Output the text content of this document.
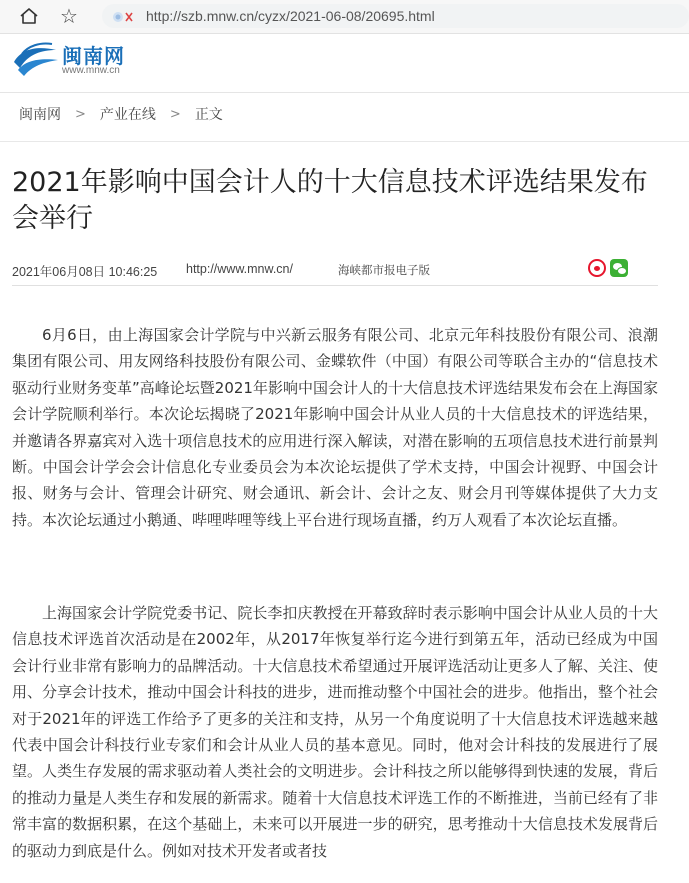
☆	http://szb.mnw.cn/cyzx/2021-06-08/20695.html
闽南网
www.mnw.cn
闽南网 > 产业在线 > 正文
2021年影响中国会计人的十大信息技术评选结果发布会举行
2021年06月08日 10:46:25 http://www.mnw.cn/	海峡都市报电子版

6月6日，由上海国家会计学院与中兴新云服务有限公司、北京元年科技股份有限公司、浪潮集团有限公司、用友网络科技股份有限公司、金蝶软件（中国）有限公司等联合主办的“信息技术驱动行业财务变革”高峰论坛暨2021年影响中国会计人的十大信息技术评选结果发布会在上海国家会计学院顺利举行。本次论坛揭晓了2021年影响中国会计从业人员的十大信息技术的评选结果，并邀请各界嘉宾对入选十项信息技术的应用进行深入解读，对潜在影响的五项信息技术进行前景判断。中国会计学会会计信息化专业委员会为本次论坛提供了学术支持，中国会计视野、中国会计报、财务与会计、管理会计研究、财会通讯、新会计、会计之友、财会月刊等媒体提供了大力支持。本次论坛通过小鹅通、哔哩哔哩等线上平台进行现场直播，约万人观看了本次论坛直播。

上海国家会计学院党委书记、院长李扣庆教授在开幕致辞时表示影响中国会计从业人员的十大信息技术评选首次活动是在2002年，从2017年恢复举行迄今进行到第五年，活动已经成为中国会计行业非常有影响力的品牌活动。十大信息技术希望通过开展评选活动让更多人了解、关注、使用、分享会计技术，推动中国会计科技的进步，进而推动整个中国社会的进步。他指出，整个社会对于2021年的评选工作给予了更多的关注和支持，从另一个角度说明了十大信息技术评选越来越代表中国会计科技行业专家们和会计从业人员的基本意见。同时，他对会计科技的发展进行了展望。人类生存发展的需求驱动着人类社会的文明进步。会计科技之所以能够得到快速的发展，背后的推动力量是人类生存和发展的新需求。随着十大信息技术评选工作的不断推进，当前已经有了非常丰富的数据积累，在这个基础上，未来可以开展进一步的研究，思考推动十大信息技术发展背后的驱动力到底是什么。例如对技术开发者或者技
